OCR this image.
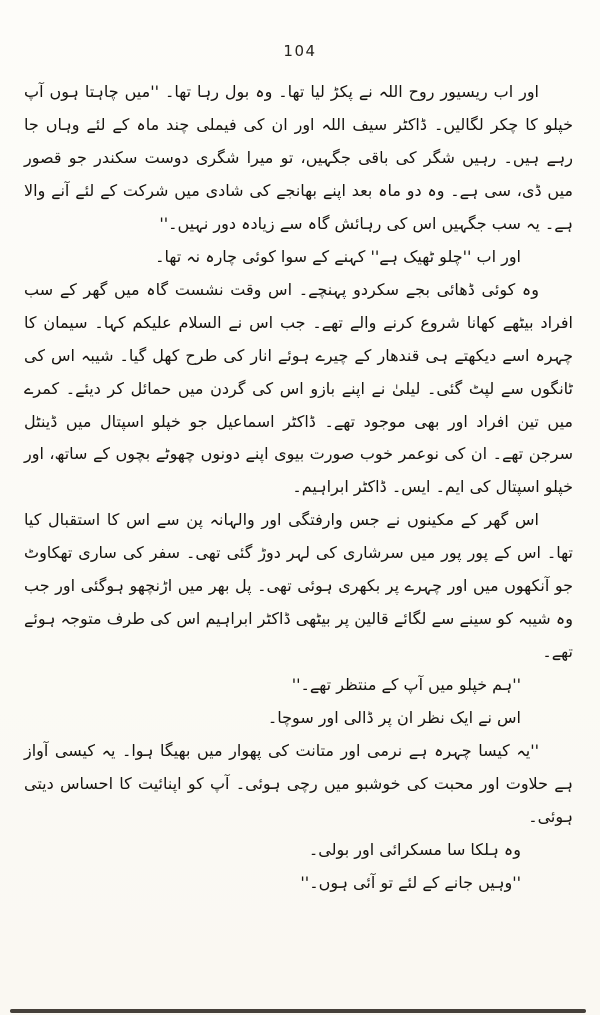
104

اور اب ریسیور روح اللہ نے پکڑ لیا تھا۔ وہ بول رہا تھا۔ ''میں چاہتا ہوں آپ خپلو کا چکر لگالیں۔ ڈاکٹر سیف اللہ اور ان کی فیملی چند ماہ کے لئے وہاں جا رہے ہیں۔ رہیں شگر کی باقی جگہیں، تو میرا شگری دوست سکندر جو قصور میں ڈی، سی ہے۔ وہ دو ماہ بعد اپنے بھانجے کی شادی میں شرکت کے لئے آنے والا ہے۔ یہ سب جگہیں اس کی رہائش گاہ سے زیادہ دور نہیں۔''

اور اب ''چلو ٹھیک ہے'' کہنے کے سوا کوئی چارہ نہ تھا۔

وہ کوئی ڈھائی بجے سکردو پہنچے۔ اس وقت نشست گاہ میں گھر کے سب افراد بیٹھے کھانا شروع کرنے والے تھے۔ جب اس نے السلام علیکم کہا۔ سیمان کا چہرہ اسے دیکھتے ہی قندھار کے چیرے ہوئے انار کی طرح کھل گیا۔ شیبہ اس کی ٹانگوں سے لپٹ گئی۔ لیلیٰ نے اپنے بازو اس کی گردن میں حمائل کر دیئے۔ کمرے میں تین افراد اور بھی موجود تھے۔ ڈاکٹر اسماعیل جو خپلو اسپتال میں ڈینٹل سرجن تھے۔ ان کی نوعمر خوب صورت بیوی اپنے دونوں چھوٹے بچوں کے ساتھ، اور خپلو اسپتال کی ایم۔ ایس۔ ڈاکٹر ابراہیم۔

اس گھر کے مکینوں نے جس وارفتگی اور والہانہ پن سے اس کا استقبال کیا تھا۔ اس کے پور پور میں سرشاری کی لہر دوڑ گئی تھی۔ سفر کی ساری تھکاوٹ جو آنکھوں میں اور چہرے پر بکھری ہوئی تھی۔ پل بھر میں اڑنچھو ہوگئی اور جب وہ شیبہ کو سینے سے لگائے قالین پر بیٹھی ڈاکٹر ابراہیم اس کی طرف متوجہ ہوئے تھے۔

''ہم خپلو میں آپ کے منتظر تھے۔''

اس نے ایک نظر ان پر ڈالی اور سوچا۔

''یہ کیسا چہرہ ہے نرمی اور متانت کی پھوار میں بھیگا ہوا۔ یہ کیسی آواز ہے حلاوت اور محبت کی خوشبو میں رچی ہوئی۔ آپ کو اپنائیت کا احساس دیتی ہوئی۔

وہ ہلکا سا مسکرائی اور بولی۔

''وہیں جانے کے لئے تو آئی ہوں۔''
